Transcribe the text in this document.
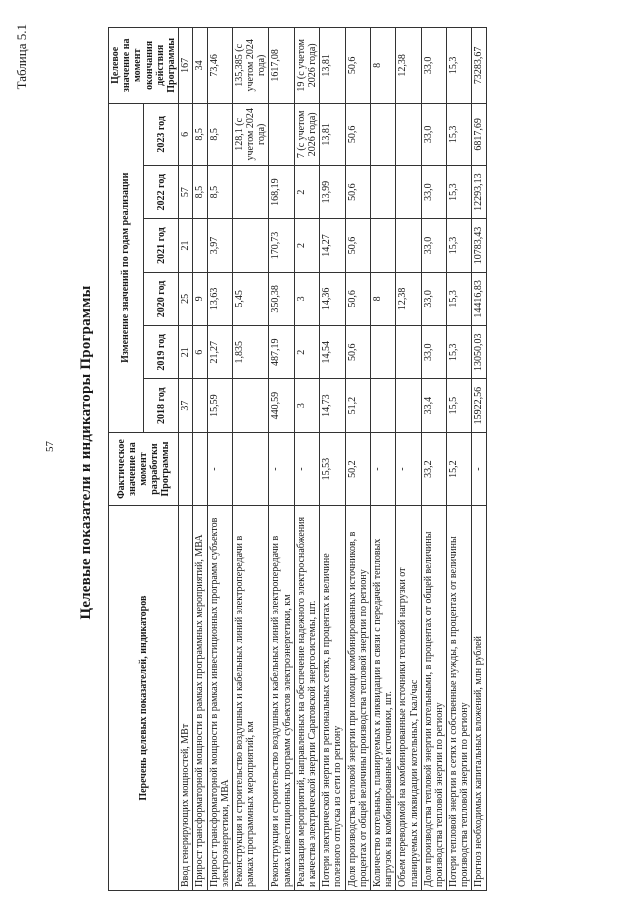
57
Таблица 5.1
Целевые показатели и индикаторы Программы
Перечень целевых показателей, индикаторов	Фактическое значение на момент разработки Программы	Изменение значений по годам реализации						Целевое значение на момент окончания действия Программы
		2018 год	2019 год	2020 год	2021 год	2022 год	2023 год	
Ввод генерирующих мощностей, МВт		37	21	25	21	57	6	167
Прирост трансформаторной мощности в рамках программных мероприятий, МВА			6	9		8,5	8,5	34
Прирост трансформаторной мощности в рамках инвестиционных программ субъектов электроэнергетики, МВА	-	15,59	21,27	13,63	3,97	8,5	8,5	73,46
Реконструкция и строительство воздушных и кабельных линий электропередачи в рамках программных мероприятий, км			1,835	5,45			128,1 (с учетом 2024 года)	135,385 (с учетом 2024 года)
Реконструкция и строительство воздушных и кабельных линий электропередачи в рамках инвестиционных программ субъектов электроэнергетики, км	-	440,59	487,19	350,38	170,73	168,19		1617,08
Реализация мероприятий, направленных на обеспечение надежного электроснабжения и качества электрической энергии Саратовской энергосистемы, шт.	-	3	2	3	2	2	7 (с учетом 2026 года)	19 (с учетом 2026 года)
Потери электрической энергии в региональных сетях, в процентах к величине полезного отпуска из сети по региону	15,53	14,73	14,54	14,36	14,27	13,99	13,81	13,81
Доля производства тепловой энергии при помощи комбинированных источников, в процентах от общей величины производства тепловой энергии по региону	50,2	51,2	50,6	50,6	50,6	50,6	50,6	50,6
Количество котельных, планируемых к ликвидации в связи с передачей тепловых нагрузок на комбинированные источники, шт.	-			8				8
Объем переводимой на комбинированные источники тепловой нагрузки от планируемых к ликвидации котельных, Гкал/час	-			12,38				12,38
Доля производства тепловой энергии котельными, в процентах от общей величины производства тепловой энергии по региону	33,2	33,4	33,0	33,0	33,0	33,0	33,0	33,0
Потери тепловой энергии в сетях и собственные нужды, в процентах от величины производства тепловой энергии по региону	15,2	15,5	15,3	15,3	15,3	15,3	15,3	15,3
Прогноз необходимых капитальных вложений, млн рублей	-	15922,56	13050,03	14416,83	10783,43	12293,13	6817,69	73283,67
